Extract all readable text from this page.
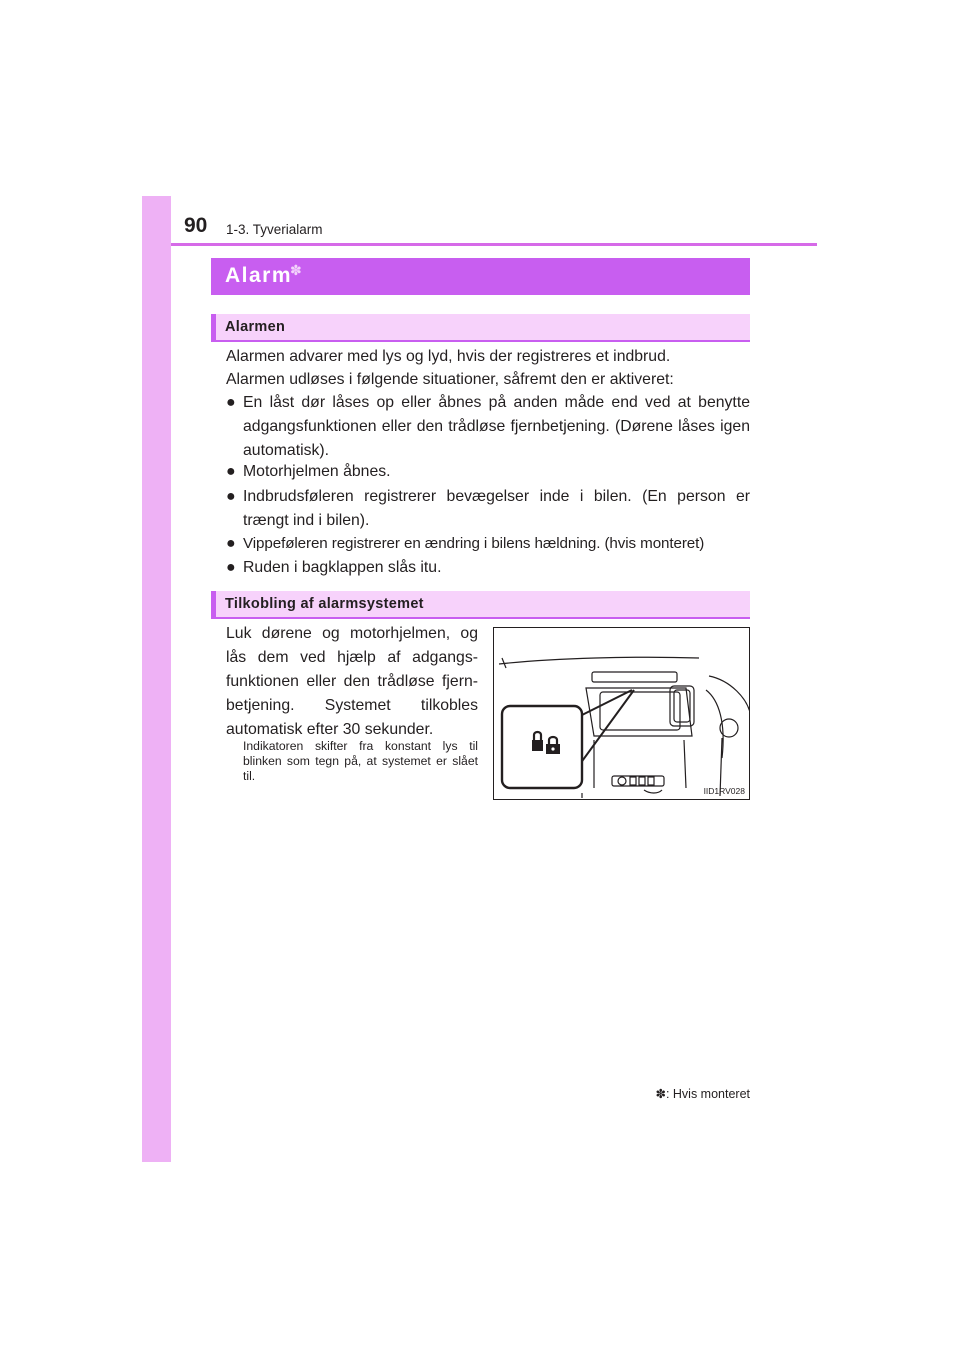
90 1-3. Tyverialarm
Alarm
✽
Alarmen
Alarmen advarer med lys og lyd, hvis der registreres et indbrud.
Alarmen udløses i følgende situationer, såfremt den er aktiveret:
● En låst dør låses op eller åbnes på anden måde end ved at benytte adgangsfunktionen eller den trådløse fjernbetjening. (Dørene låses igen automatisk).
● Motorhjelmen åbnes.
● Indbrudsføleren registrerer bevægelser inde i bilen. (En person er trængt ind i bilen).
● Vippeføleren registrerer en ændring i bilens hældning. (hvis monteret)
● Ruden i bagklappen slås itu.
Tilkobling af alarmsystemet
Luk dørene og motorhjelmen, og lås dem ved hjælp af adgangs-funktionen eller den trådløse fjern-betjening. Systemet tilkobles automatisk efter 30 sekunder.
Indikatoren skifter fra konstant lys til blinken som tegn på, at systemet er slået til.
IID1RV028
✽: Hvis monteret
